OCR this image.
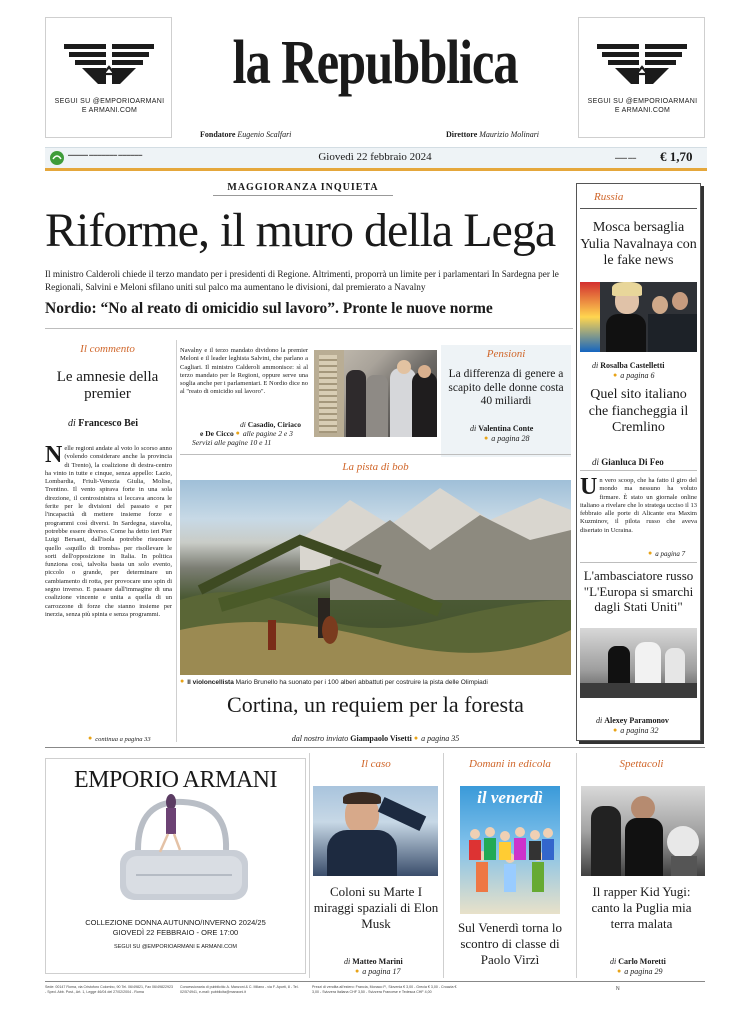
SEGUI SU @EMPORIOARMANI
E ARMANI.COM
SEGUI SU @EMPORIOARMANI
E ARMANI.COM
la Repubblica
Fondatore Eugenio Scalfari	Direttore Maurizio Molinari
▬▬▬▬▬ ▬▬▬▬▬▬▬ ▬▬▬▬▬▬	Giovedì 22 febbraio 2024	▬▬▬ ▬▬ € 1,70
MAGGIORANZA INQUIETA
Riforme, il muro della Lega
Il ministro Calderoli chiede il terzo mandato per i presidenti di Regione. Altrimenti, proporrà un limite per i parlamentari In Sardegna per le Regionali, Salvini e Meloni sfilano uniti sul palco ma aumentano le divisioni, dal premierato a Navalny
Nordio: “No al reato di omicidio sul lavoro”. Pronte le nuove norme
Il commento
Le amnesie della premier
di Francesco Bei
Nelle regioni andate al voto lo scorso anno (volendo considerare anche la provincia di Trento), la coalizione di destra-centro ha vinto in tutte e cinque, senza appello: Lazio, Lombardia, Friuli-Venezia Giulia, Molise, Trentino. Il vento spirava forte in una sola direzione, il centrosinistra si leccava ancora le ferite per le divisioni del passato e per l'incapacità di mettere insieme forze e programmi così diversi. In Sardegna, stavolta, potrebbe essere diverso. Come ha detto ieri Pier Luigi Bersani, dall'isola potrebbe risuonare quello «squillo di tromba» per risollevare le sorti dell'opposizione in Italia. In politica funziona così, talvolta basta un solo evento, piccolo o grande, per determinare un cambiamento di rotta, per provocare uno spin di segno inverso. E passare dall'immagine di una coalizione vincente e unita a quella di un carrozzone di forze che stanno insieme per inerzia, senza più spinta e senza programmi.
● continua a pagina 33
Navalny e il terzo mandato dividono la premier Meloni e il leader leghista Salvini, che parlano a Cagliari. Il ministro Calderoli ammonisce: sì al terzo mandato per le Regioni, oppure serve una soglia anche per i parlamentari. E Nordio dice no al "reato di omicidio sul lavoro".
di Casadio, Ciriaco
e De Cicco ● alle pagine 2 e 3
Servizi alle pagine 10 e 11
Pensioni
La differenza di genere a scapito delle donne costa 40 miliardi
di Valentina Conte
● a pagina 28
La pista di bob
● Il violoncellista Mario Brunello ha suonato per i 100 alberi abbattuti per costruire la pista delle Olimpiadi
Cortina, un requiem per la foresta
dal nostro inviato Giampaolo Visetti ● a pagina 35
Russia
Mosca bersaglia Yulia Navalnaya con le fake news
di Rosalba Castelletti
● a pagina 6
Quel sito italiano che fiancheggia il Cremlino
di Gianluca Di Feo
Un vero scoop, che ha fatto il giro del mondo ma nessuno ha voluto firmare. È stato un giornale online italiano a rivelare che lo stratega ucciso il 13 febbraio alle porte di Alicante era Maxim Kuzminov, il pilota russo che aveva disertato in Ucraina.
● a pagina 7
L'ambasciatore russo "L'Europa si smarchi dagli Stati Uniti"
di Alexey Paramonov
● a pagina 32
EMPORIO ARMANI
COLLEZIONE DONNA AUTUNNO/INVERNO 2024/25
GIOVEDÌ 22 FEBBRAIO - ORE 17:00
SEGUI SU @EMPORIOARMANI E ARMANI.COM
Il caso
Coloni su Marte I miraggi spaziali di Elon Musk
di Matteo Marini
● a pagina 17
Domani in edicola
il venerdì
Sul Venerdì torna lo scontro di classe di Paolo Virzì
Spettacoli
Il rapper Kid Yugi: canto la Puglia mia terra malata
di Carlo Moretti
● a pagina 29
Sede: 00147 Roma, via Cristoforo Colombo, 90 Tel. 06/49821, Fax 06/49822923 - Sped. Abb. Post., Art. 1, Legge 46/04 del 27/02/2004 - Roma
Concessionaria di pubblicità: A. Manzoni & C. Milano - via F. Aporti, 8 - Tel. 02/574941, e-mail: pubblicita@manzoni.it
Prezzi di vendita all'estero: Francia, Monaco P., Slovenia € 3,00 - Grecia € 3,00 - Croazia € 3,00 - Svizzera Italiana CHF 3,50 - Svizzera Francese e Tedesca CHF 4,00	N
